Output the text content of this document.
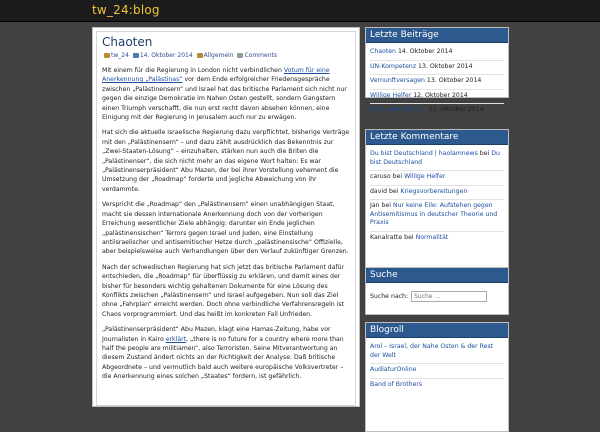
tw_24:blog
Chaoten
tw_24 14. Oktober 2014 Allgemein Comments

Mit einem für die Regierung in London nicht verbindlichen Votum für eine Anerkennung „Palästinas“ vor dem Ende erfolgreicher Friedensgespräche zwischen „Palästinensern“ und Israel hat das britische Parlament sich nicht nur gegen die einzige Demokratie im Nahen Osten gestellt, sondern Gangstern einen Triumph verschafft, die nun erst recht davon absehen können, eine Einigung mit der Regierung in Jerusalem auch nur zu erwägen.

Hat sich die aktuelle israelische Regierung dazu verpflichtet, bisherige Verträge mit den „Palästinensern“ – und dazu zählt ausdrücklich das Bekenntnis zur „Zwei-Staaten-Lösung“ – einzuhalten, stärken nun auch die Briten die „Palästinenser“, die sich nicht mehr an das eigene Wort halten: Es war „Palästinenserpräsident“ Abu Mazen, der bei ihrer Vorstellung vehement die Umsetzung der „Roadmap“ forderte und jegliche Abweichung von ihr verdammte.

Verspricht die „Roadmap“ den „Palästinensern“ einen unabhängigen Staat, macht sie dessen internationale Anerkennung doch von der vorherigen Erreichung wesentlicher Ziele abhängig: darunter ein Ende jeglichen „palästinensischen“ Terrors gegen Israel und Juden, eine Einstellung antiisraelischer und antisemitischer Hetze durch „palästinensische“ Offizielle, aber beispielsweise auch Verhandlungen über den Verlauf zukünftiger Grenzen.

Nach der schwedischen Regierung hat sich jetzt das britische Parlament dafür entschieden, die „Roadmap“ für überflüssig zu erklären, und damit eines der bisher für besonders wichtig gehaltenen Dokumente für eine Lösung des Konflikts zwischen „Palästinensern“ und Israel aufgegeben. Nun soll das Ziel ohne „Fahrplan“ erreicht werden. Doch ohne verbindliche Verfahrensregeln ist Chaos vorprogrammiert. Und das heißt im konkreten Fall Unfrieden.

„Palästinenserpräsident“ Abu Mazen, klagt eine Hamas-Zeitung, habe vor Journalisten in Kairo erklärt, „there is no future for a country where more than half the people are militiamen“, also Terroristen. Seine Mitverantwortung an diesem Zustand ändert nichts an der Richtigkeit der Analyse. Daß britische Abgeordnete – und vermutlich bald auch weitere europäische Volksvertreter – die Anerkennung eines solchen „Staates“ fordern, ist gefährlich.

Letzte Beiträge
Chaoten 14. Oktober 2014
UN-Kompetenz 13. Oktober 2014
Vernunftversagen 13. Oktober 2014
Willige Helfer 12. Oktober 2014
Ehre, wem Ehre … 11. Oktober 2014
Letzte Kommentare
Du bist Deutschland | haolamnews bei Du bist Deutschland
caruso bei Willige Helfer
david bei Kriegsvorbereitungen
Jan bei Nur keine Eile: Aufstehen gegen Antisemitismus in deutscher Theorie und Praxis
Kanalratte bei Normalität
Suche
Suche nach:
Suche …
Blogroll
Arol – Israel, der Nahe Osten & der Rest der Welt
AudiaturOnline
Band of Brothers
